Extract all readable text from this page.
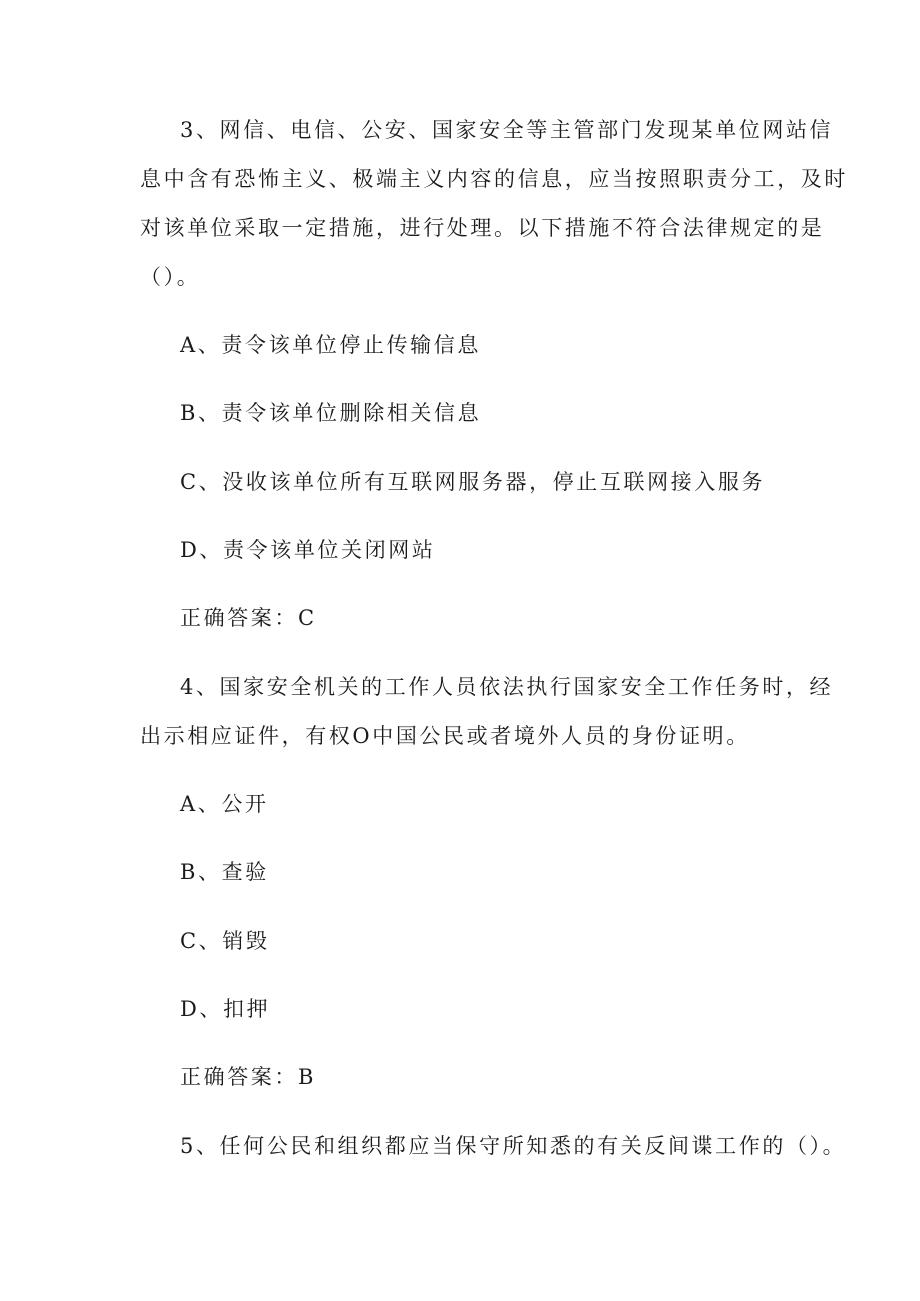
3、网信、电信、公安、国家安全等主管部门发现某单位网站信
息中含有恐怖主义、极端主义内容的信息，应当按照职责分工，及时
对该单位采取一定措施，进行处理。以下措施不符合法律规定的是
（）。
A、责令该单位停止传输信息
B、责令该单位删除相关信息
C、没收该单位所有互联网服务器，停止互联网接入服务
D、责令该单位关闭网站
正确答案：C
4、国家安全机关的工作人员依法执行国家安全工作任务时，经
出示相应证件，有权O中国公民或者境外人员的身份证明。
A、公开
B、查验
C、销毁
D、扣押
正确答案：B
5、任何公民和组织都应当保守所知悉的有关反间谍工作的（）。
